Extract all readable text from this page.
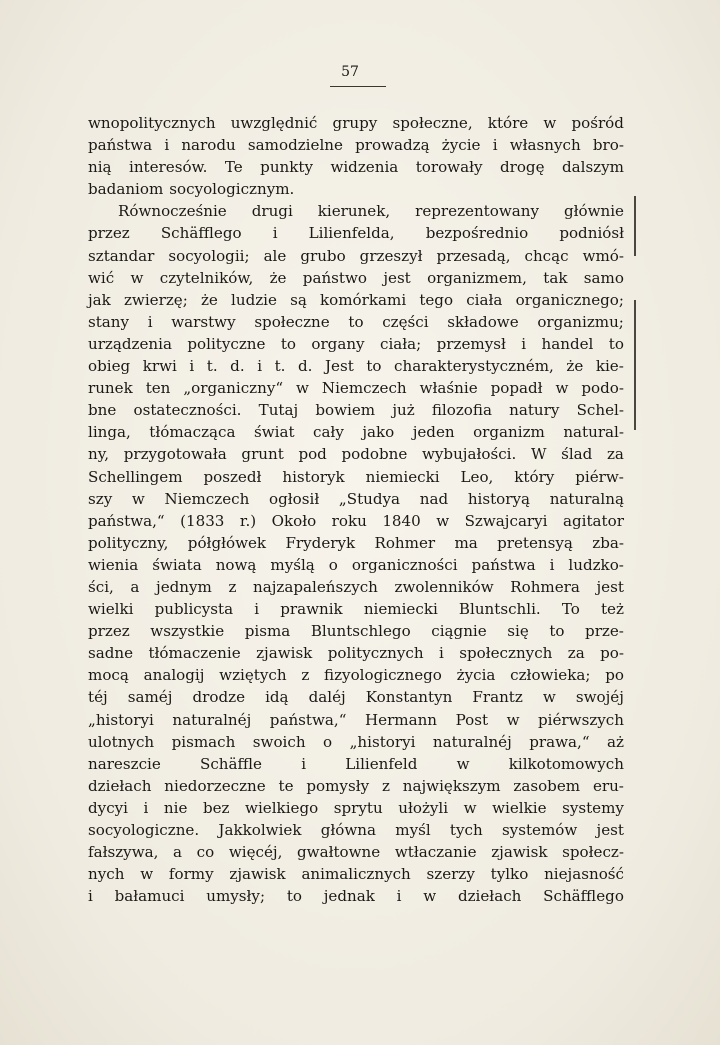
57
wnopolitycznych uwzględnić grupy społeczne, które w pośród
państwa i narodu samodzielne prowadzą życie i własnych bro-
nią interesów. Te punkty widzenia torowały drogę dalszym
badaniom socyologicznym.
Równocześnie drugi kierunek, reprezentowany głównie
przez Schäfflego i Lilienfelda, bezpośrednio podniósł
sztandar socyologii; ale grubo grzeszył przesadą, chcąc wmó-
wić w czytelników, że państwo jest organizmem, tak samo
jak zwierzę; że ludzie są komórkami tego ciała organicznego;
stany i warstwy społeczne to części składowe organizmu;
urządzenia polityczne to organy ciała; przemysł i handel to
obieg krwi i t. d. i t. d. Jest to charakterystyczném, że kie-
runek ten „organiczny“ w Niemczech właśnie popadł w podo-
bne ostateczności. Tutaj bowiem już filozofia natury Schel-
linga, tłómacząca świat cały jako jeden organizm natural-
ny, przygotowała grunt pod podobne wybujałości. W ślad za
Schellingem poszedł historyk niemiecki Leo, który piérw-
szy w Niemczech ogłosił „Studya nad historyą naturalną
państwa,“ (1833 r.) Około roku 1840 w Szwajcaryi agitator
polityczny, półgłówek Fryderyk Rohmer ma pretensyą zba-
wienia świata nową myślą o organiczności państwa i ludzko-
ści, a jednym z najzapaleńszych zwolenników Rohmera jest
wielki publicysta i prawnik niemiecki Bluntschli. To też
przez wszystkie pisma Bluntschlego ciągnie się to prze-
sadne tłómaczenie zjawisk politycznych i społecznych za po-
mocą analogij wziętych z fizyologicznego życia człowieka; po
téj saméj drodze idą daléj Konstantyn Frantz w swojéj
„historyi naturalnéj państwa,“ Hermann Post w piérwszych
ulotnych pismach swoich o „historyi naturalnéj prawa,“ aż
nareszcie	Schäffle	i	Lilienfeld	w	kilkotomowych
dziełach niedorzeczne te pomysły z największym zasobem eru-
dycyi i nie bez wielkiego sprytu ułożyli w wielkie systemy
socyologiczne. Jakkolwiek główna myśl tych systemów jest
fałszywa, a co więcéj, gwałtowne wtłaczanie zjawisk społecz-
nych w formy zjawisk animalicznych szerzy tylko niejasność
i bałamuci umysły; to jednak i w dziełach Schäfflego
